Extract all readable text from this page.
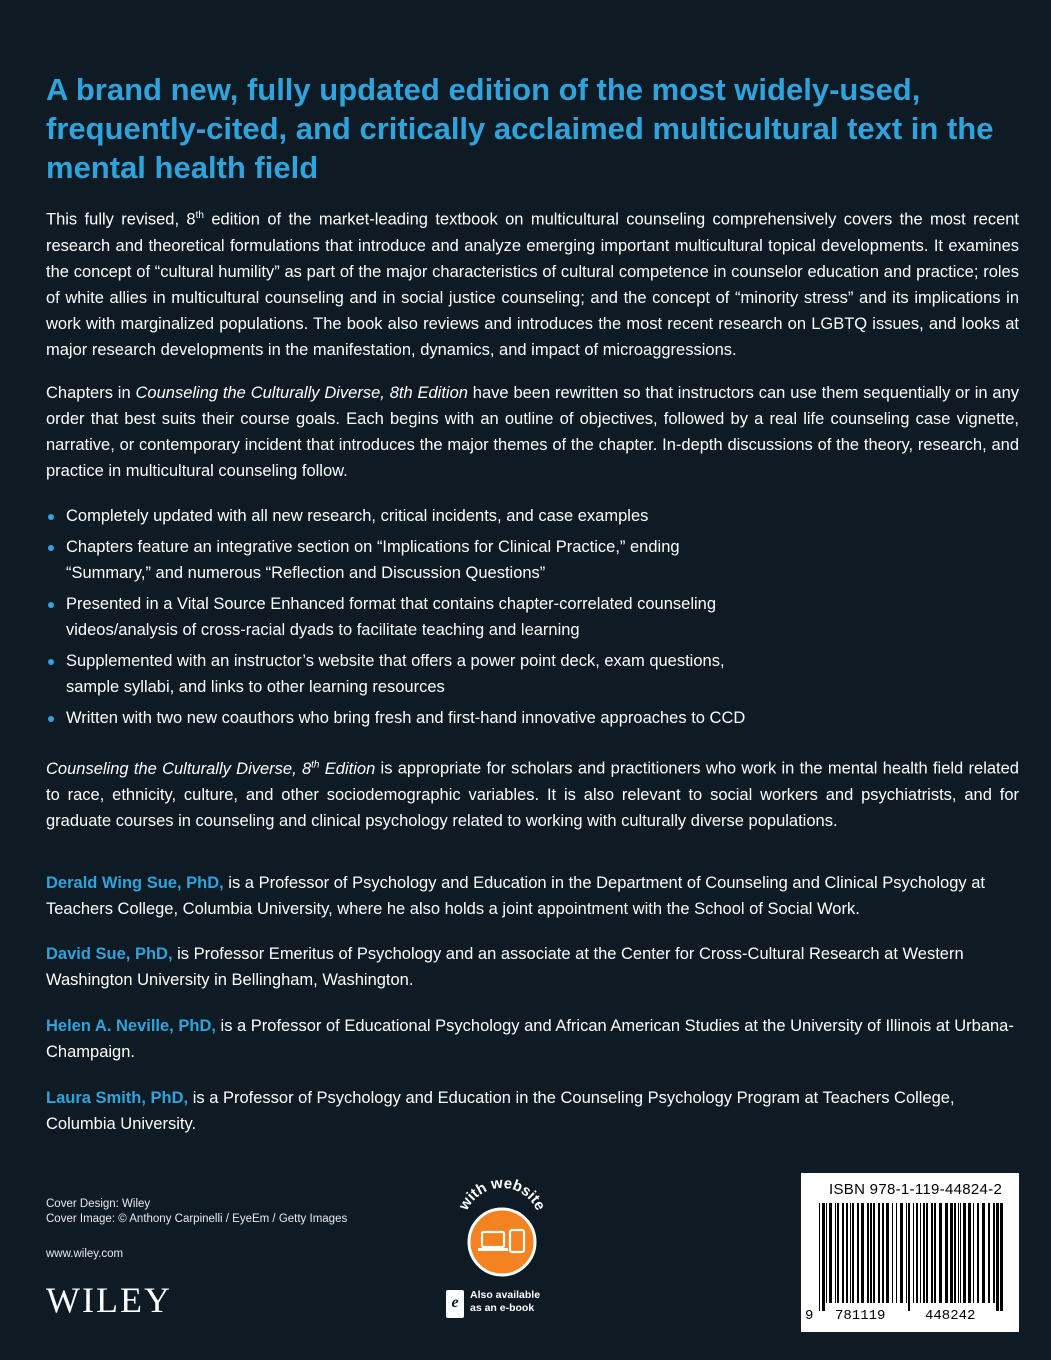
A brand new, fully updated edition of the most widely-used, frequently-cited, and critically acclaimed multicultural text in the mental health field

This fully revised, 8th edition of the market-leading textbook on multicultural counseling comprehensively covers the most recent research and theoretical formulations that introduce and analyze emerging important multicultural topical developments. It examines the concept of “cultural humility” as part of the major characteristics of cultural competence in counselor education and practice; roles of white allies in multicultural counseling and in social justice counseling; and the concept of “minority stress” and its implications in work with marginalized populations. The book also reviews and introduces the most recent research on LGBTQ issues, and looks at major research developments in the manifestation, dynamics, and impact of microaggressions.

Chapters in Counseling the Culturally Diverse, 8th Edition have been rewritten so that instructors can use them sequentially or in any order that best suits their course goals. Each begins with an outline of objectives, followed by a real life counseling case vignette, narrative, or contemporary incident that introduces the major themes of the chapter. In-depth discussions of the theory, research, and practice in multicultural counseling follow.

Completely updated with all new research, critical incidents, and case examples
Chapters feature an integrative section on “Implications for Clinical Practice,” ending
“Summary,” and numerous “Reflection and Discussion Questions”
Presented in a Vital Source Enhanced format that contains chapter-correlated counseling
videos/analysis of cross-racial dyads to facilitate teaching and learning
Supplemented with an instructor’s website that offers a power point deck, exam questions,
sample syllabi, and links to other learning resources
Written with two new coauthors who bring fresh and first-hand innovative approaches to CCD

Counseling the Culturally Diverse, 8th Edition is appropriate for scholars and practitioners who work in the mental health field related to race, ethnicity, culture, and other sociodemographic variables. It is also relevant to social workers and psychiatrists, and for graduate courses in counseling and clinical psychology related to working with culturally diverse populations.

Derald Wing Sue, PhD, is a Professor of Psychology and Education in the Department of Counseling and Clinical Psychology at Teachers College, Columbia University, where he also holds a joint appointment with the School of Social Work.

David Sue, PhD, is Professor Emeritus of Psychology and an associate at the Center for Cross-Cultural Research at Western Washington University in Bellingham, Washington.

Helen A. Neville, PhD, is a Professor of Educational Psychology and African American Studies at the University of Illinois at Urbana-Champaign.

Laura Smith, PhD, is a Professor of Psychology and Education in the Counseling Psychology Program at Teachers College, Columbia University.

Cover Design: Wiley
Cover Image: © Anthony Carpinelli / EyeEm / Getty Images
www.wiley.com
WILEY
with website
e	Also available
as an e-book
ISBN 978-1-119-44824-2
9 781119	448242
